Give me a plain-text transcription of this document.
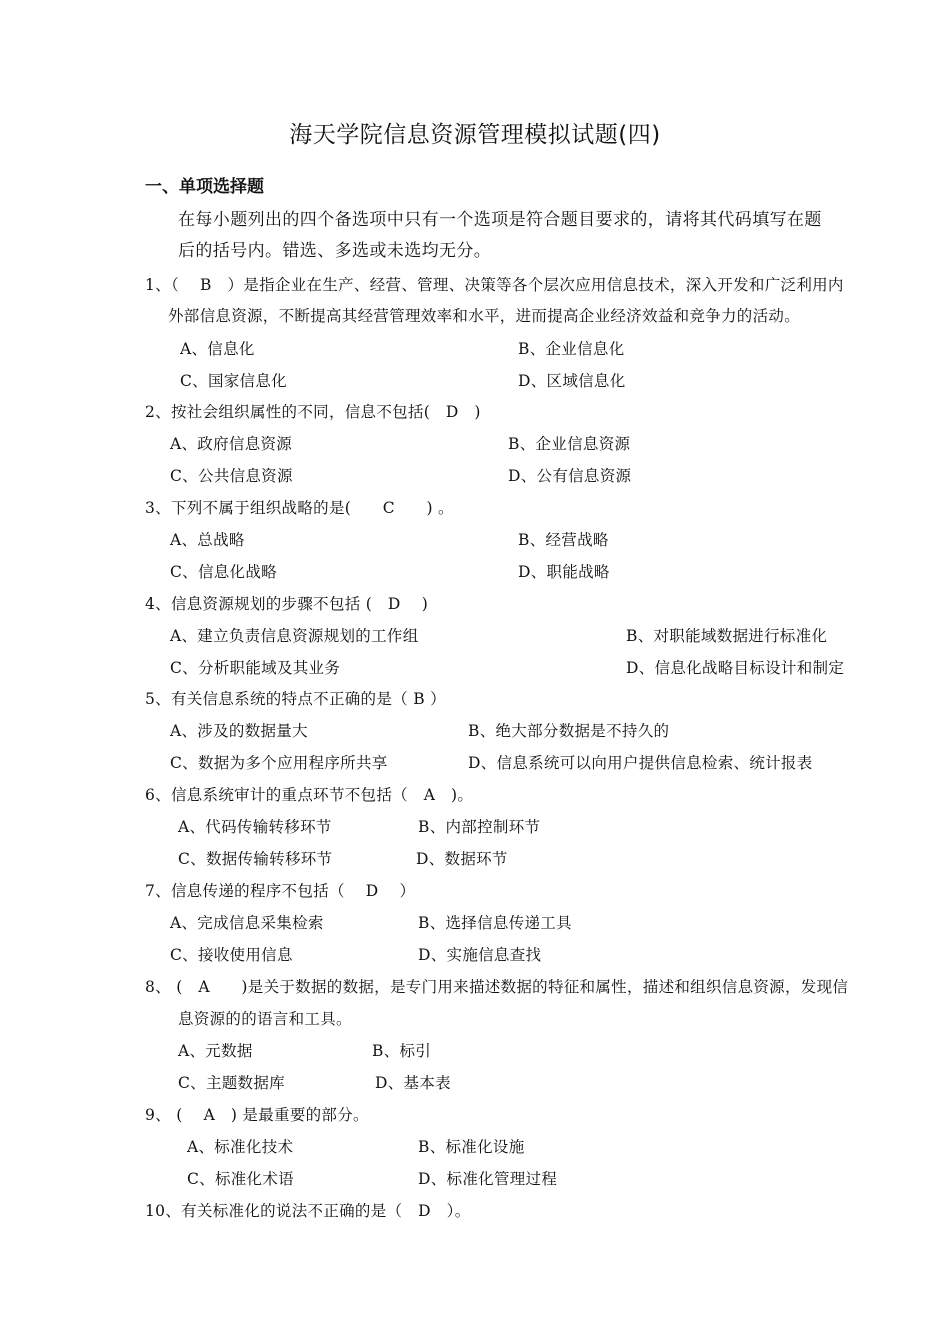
海天学院信息资源管理模拟试题(四)
一、单项选择题
在每小题列出的四个备选项中只有一个选项是符合题目要求的，请将其代码填写在题
后的括号内。错选、多选或未选均无分。
1、（　 B　）是指企业在生产、经营、管理、决策等各个层次应用信息技术，深入开发和广泛利用内
外部信息资源，不断提高其经营管理效率和水平，进而提高企业经济效益和竞争力的活动。
A、信息化	B、企业信息化
C、国家信息化	D、区域信息化
2、按社会组织属性的不同，信息不包括(　D　)
A、政府信息资源	B、企业信息资源
C、公共信息资源	D、公有信息资源
3、下列不属于组织战略的是(　　C　　) 。
A、总战略	B、经营战略
C、信息化战略	D、职能战略
4、信息资源规划的步骤不包括 (　D　 )
A、建立负责信息资源规划的工作组	B、对职能域数据进行标准化
C、分析职能域及其业务	D、信息化战略目标设计和制定
5、有关信息系统的特点不正确的是（ B ）
A、涉及的数据量大	B、绝大部分数据是不持久的
C、数据为多个应用程序所共享	D、信息系统可以向用户提供信息检索、统计报表
6、信息系统审计的重点环节不包括（　A　)。
A、代码传输转移环节	B、内部控制环节
C、数据传输转移环节	D、数据环节
7、信息传递的程序不包括（　 D　 ）
A、完成信息采集检索	B、选择信息传递工具
C、接收使用信息	D、实施信息查找
8、 (　A　　)是关于数据的数据，是专门用来描述数据的特征和属性，描述和组织信息资源，发现信
息资源的的语言和工具。
A、元数据	B、标引
C、主题数据库	D、基本表
9、 (　 A　) 是最重要的部分。
A、标准化技术	B、标准化设施
C、标准化术语	D、标准化管理过程
10、有关标准化的说法不正确的是（　D　）。
